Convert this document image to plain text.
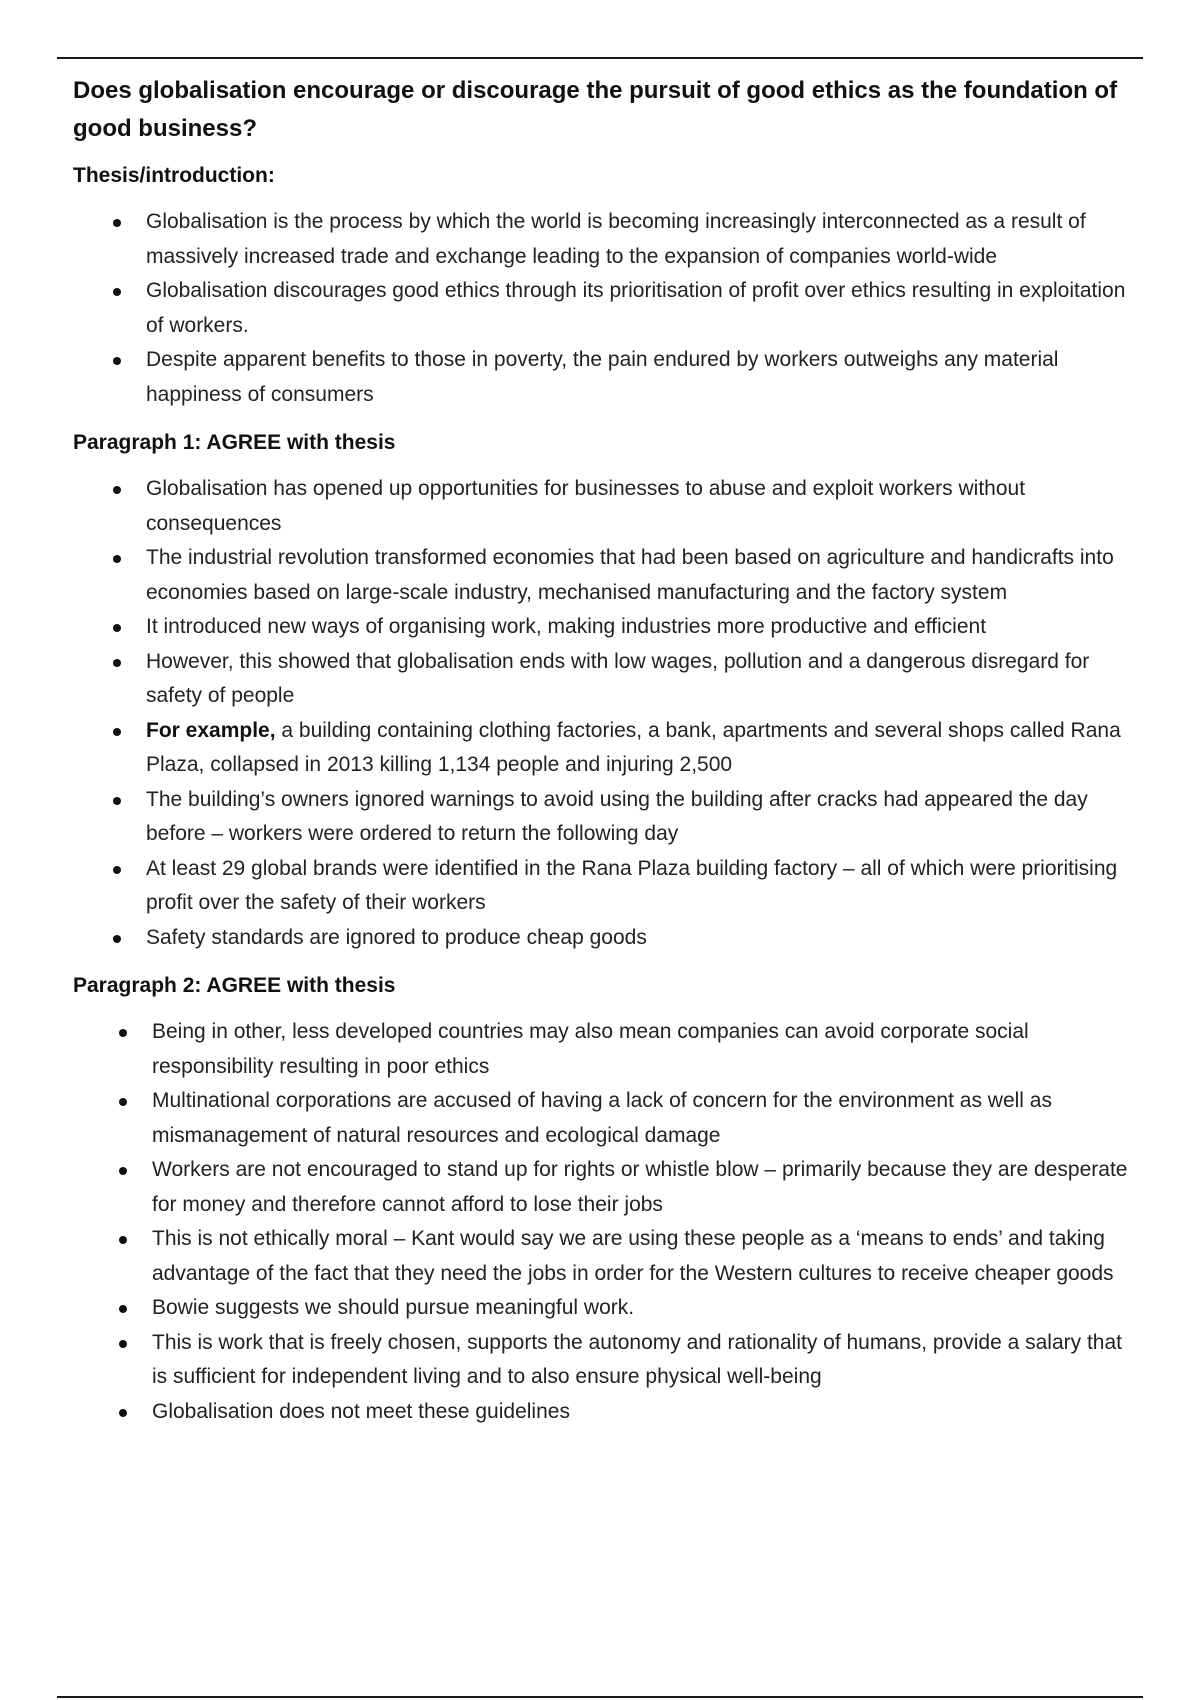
Does globalisation encourage or discourage the pursuit of good ethics as the foundation of good business?
Thesis/introduction:
Globalisation is the process by which the world is becoming increasingly interconnected as a result of massively increased trade and exchange leading to the expansion of companies world-wide
Globalisation discourages good ethics through its prioritisation of profit over ethics resulting in exploitation of workers.
Despite apparent benefits to those in poverty, the pain endured by workers outweighs any material happiness of consumers
Paragraph 1: AGREE with thesis
Globalisation has opened up opportunities for businesses to abuse and exploit workers without consequences
The industrial revolution transformed economies that had been based on agriculture and handicrafts into economies based on large-scale industry, mechanised manufacturing and the factory system
It introduced new ways of organising work, making industries more productive and efficient
However, this showed that globalisation ends with low wages, pollution and a dangerous disregard for safety of people
For example, a building containing clothing factories, a bank, apartments and several shops called Rana Plaza, collapsed in 2013 killing 1,134 people and injuring 2,500
The building’s owners ignored warnings to avoid using the building after cracks had appeared the day before – workers were ordered to return the following day
At least 29 global brands were identified in the Rana Plaza building factory – all of which were prioritising profit over the safety of their workers
Safety standards are ignored to produce cheap goods
Paragraph 2: AGREE with thesis
Being in other, less developed countries may also mean companies can avoid corporate social responsibility resulting in poor ethics
Multinational corporations are accused of having a lack of concern for the environment as well as mismanagement of natural resources and ecological damage
Workers are not encouraged to stand up for rights or whistle blow – primarily because they are desperate for money and therefore cannot afford to lose their jobs
This is not ethically moral – Kant would say we are using these people as a ‘means to ends’ and taking advantage of the fact that they need the jobs in order for the Western cultures to receive cheaper goods
Bowie suggests we should pursue meaningful work.
This is work that is freely chosen, supports the autonomy and rationality of humans, provide a salary that is sufficient for independent living and to also ensure physical well-being
Globalisation does not meet these guidelines
